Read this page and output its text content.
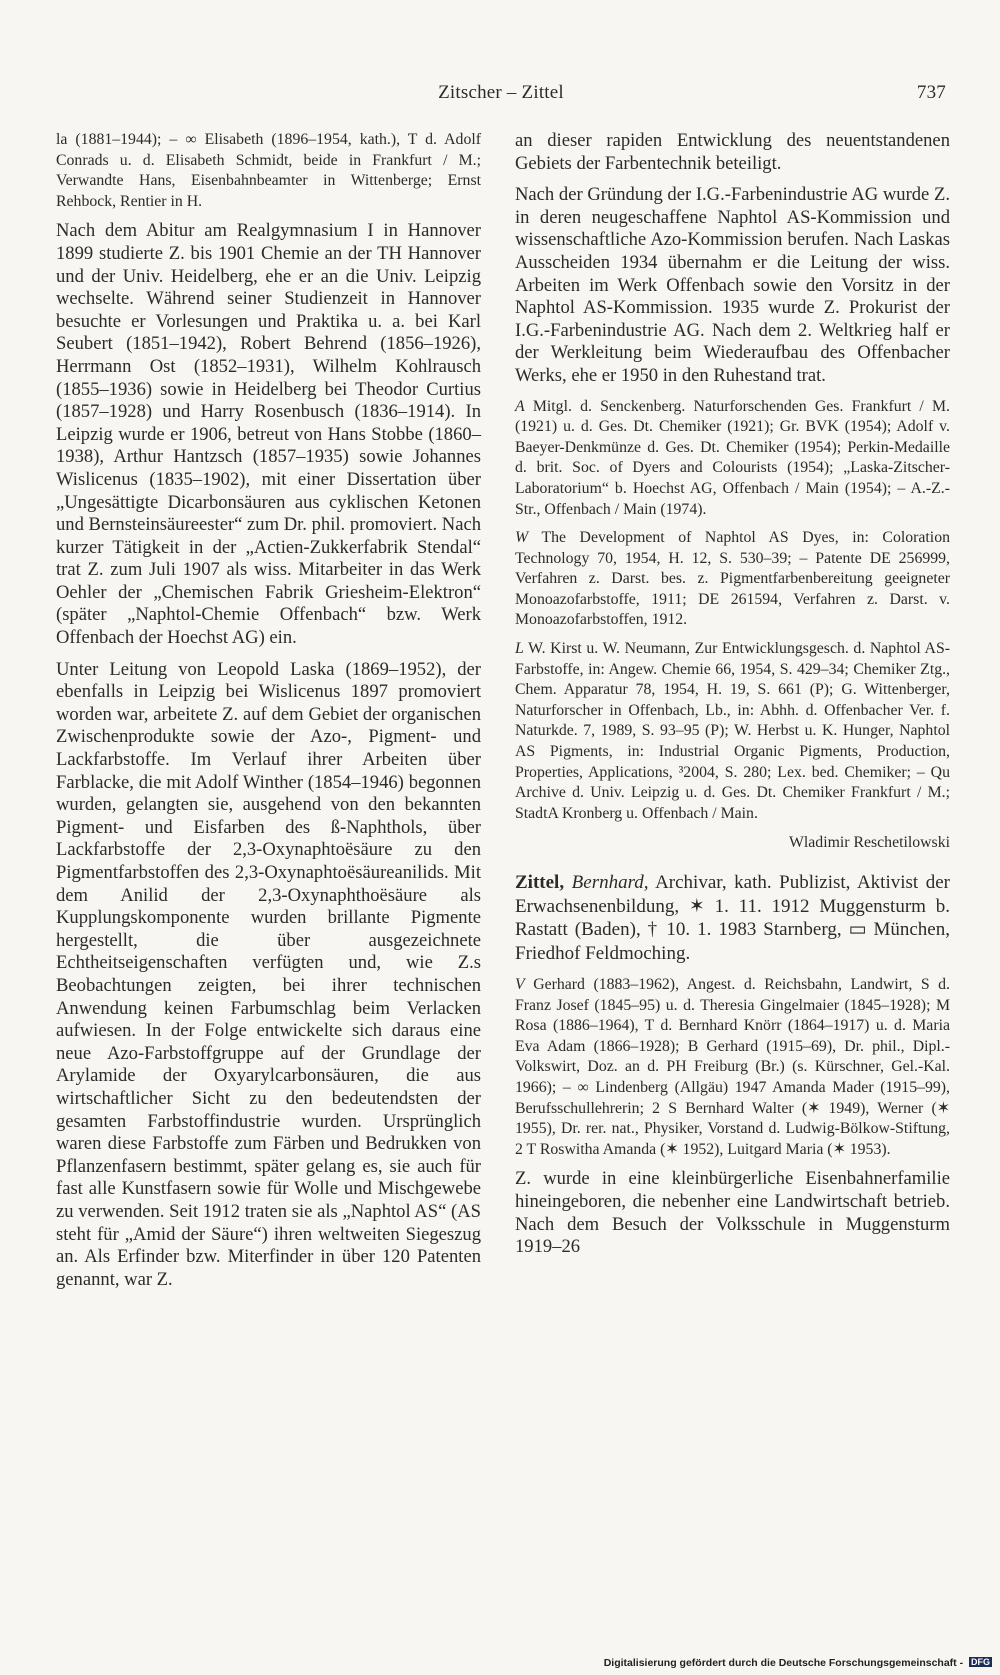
Zitscher – Zittel	737

la (1881–1944); – ∞ Elisabeth (1896–1954, kath.), T d. Adolf Conrads u. d. Elisabeth Schmidt, beide in Frankfurt / M.; Verwandte Hans, Eisenbahnbeamter in Wittenberge; Ernst Rehbock, Rentier in H.

Nach dem Abitur am Realgymnasium I in Hannover 1899 studierte Z. bis 1901 Chemie an der TH Hannover und der Univ. Heidelberg, ehe er an die Univ. Leipzig wechselte. Während seiner Studienzeit in Hannover besuchte er Vorlesungen und Praktika u. a. bei Karl Seubert (1851–1942), Robert Behrend (1856–1926), Herrmann Ost (1852–1931), Wilhelm Kohlrausch (1855–1936) sowie in Heidelberg bei Theodor Curtius (1857–1928) und Harry Rosenbusch (1836–1914). In Leipzig wurde er 1906, betreut von Hans Stobbe (1860–1938), Arthur Hantzsch (1857–1935) sowie Johannes Wislicenus (1835–1902), mit einer Dissertation über „Ungesättigte Dicarbonsäuren aus cyklischen Ketonen und Bernsteinsäureester“ zum Dr. phil. promoviert. Nach kurzer Tätigkeit in der „Actien-Zukkerfabrik Stendal“ trat Z. zum Juli 1907 als wiss. Mitarbeiter in das Werk Oehler der „Chemischen Fabrik Griesheim-Elektron“ (später „Naphtol-Chemie Offenbach“ bzw. Werk Offenbach der Hoechst AG) ein.

Unter Leitung von Leopold Laska (1869–1952), der ebenfalls in Leipzig bei Wislicenus 1897 promoviert worden war, arbeitete Z. auf dem Gebiet der organischen Zwischenprodukte sowie der Azo-, Pigment- und Lackfarbstoffe. Im Verlauf ihrer Arbeiten über Farblacke, die mit Adolf Winther (1854–1946) begonnen wurden, gelangten sie, ausgehend von den bekannten Pigment- und Eisfarben des ß-Naphthols, über Lackfarbstoffe der 2,3-Oxynaphtoësäure zu den Pigmentfarbstoffen des 2,3-Oxynaphtoësäureanilids. Mit dem Anilid der 2,3-Oxynaphthoësäure als Kupplungskomponente wurden brillante Pigmente hergestellt, die über ausgezeichnete Echtheitseigenschaften verfügten und, wie Z.s Beobachtungen zeigten, bei ihrer technischen Anwendung keinen Farbumschlag beim Verlacken aufwiesen. In der Folge entwickelte sich daraus eine neue Azo-Farbstoffgruppe auf der Grundlage der Arylamide der Oxyarylcarbonsäuren, die aus wirtschaftlicher Sicht zu den bedeutendsten der gesamten Farbstoffindustrie wurden. Ursprünglich waren diese Farbstoffe zum Färben und Bedrukken von Pflanzenfasern bestimmt, später gelang es, sie auch für fast alle Kunstfasern sowie für Wolle und Mischgewebe zu verwenden. Seit 1912 traten sie als „Naphtol AS“ (AS steht für „Amid der Säure“) ihren weltweiten Siegeszug an. Als Erfinder bzw. Miterfinder in über 120 Patenten genannt, war Z.

an dieser rapiden Entwicklung des neuentstandenen Gebiets der Farbentechnik beteiligt.

Nach der Gründung der I.G.-Farbenindustrie AG wurde Z. in deren neugeschaffene Naphtol AS-Kommission und wissenschaftliche Azo-Kommission berufen. Nach Laskas Ausscheiden 1934 übernahm er die Leitung der wiss. Arbeiten im Werk Offenbach sowie den Vorsitz in der Naphtol AS-Kommission. 1935 wurde Z. Prokurist der I.G.-Farbenindustrie AG. Nach dem 2. Weltkrieg half er der Werkleitung beim Wiederaufbau des Offenbacher Werks, ehe er 1950 in den Ruhestand trat.

A Mitgl. d. Senckenberg. Naturforschenden Ges. Frankfurt / M. (1921) u. d. Ges. Dt. Chemiker (1921); Gr. BVK (1954); Adolf v. Baeyer-Denkmünze d. Ges. Dt. Chemiker (1954); Perkin-Medaille d. brit. Soc. of Dyers and Colourists (1954); „Laska-Zitscher-Laboratorium“ b. Hoechst AG, Offenbach / Main (1954); – A.-Z.-Str., Offenbach / Main (1974).

W The Development of Naphtol AS Dyes, in: Coloration Technology 70, 1954, H. 12, S. 530–39; – Patente DE 256999, Verfahren z. Darst. bes. z. Pigmentfarbenbereitung geeigneter Monoazofarbstoffe, 1911; DE 261594, Verfahren z. Darst. v. Monoazofarbstoffen, 1912.

L W. Kirst u. W. Neumann, Zur Entwicklungsgesch. d. Naphtol AS-Farbstoffe, in: Angew. Chemie 66, 1954, S. 429–34; Chemiker Ztg., Chem. Apparatur 78, 1954, H. 19, S. 661 (P); G. Wittenberger, Naturforscher in Offenbach, Lb., in: Abhh. d. Offenbacher Ver. f. Naturkde. 7, 1989, S. 93–95 (P); W. Herbst u. K. Hunger, Naphtol AS Pigments, in: Industrial Organic Pigments, Production, Properties, Applications, ³2004, S. 280; Lex. bed. Chemiker; – Qu Archive d. Univ. Leipzig u. d. Ges. Dt. Chemiker Frankfurt / M.; StadtA Kronberg u. Offenbach / Main.

Wladimir Reschetilowski

Zittel, Bernhard, Archivar, kath. Publizist, Aktivist der Erwachsenenbildung, ✶ 1. 11. 1912 Muggensturm b. Rastatt (Baden), † 10. 1. 1983 Starnberg, ▭ München, Friedhof Feldmoching.

V Gerhard (1883–1962), Angest. d. Reichsbahn, Landwirt, S d. Franz Josef (1845–95) u. d. Theresia Gingelmaier (1845–1928); M Rosa (1886–1964), T d. Bernhard Knörr (1864–1917) u. d. Maria Eva Adam (1866–1928); B Gerhard (1915–69), Dr. phil., Dipl.-Volkswirt, Doz. an d. PH Freiburg (Br.) (s. Kürschner, Gel.-Kal. 1966); – ∞ Lindenberg (Allgäu) 1947 Amanda Mader (1915–99), Berufsschullehrerin; 2 S Bernhard Walter (✶ 1949), Werner (✶ 1955), Dr. rer. nat., Physiker, Vorstand d. Ludwig-Bölkow-Stiftung, 2 T Roswitha Amanda (✶ 1952), Luitgard Maria (✶ 1953).

Z. wurde in eine kleinbürgerliche Eisenbahnerfamilie hineingeboren, die nebenher eine Landwirtschaft betrieb. Nach dem Besuch der Volksschule in Muggensturm 1919–26

Digitalisierung gefördert durch die Deutsche Forschungsgemeinschaft - DFG
